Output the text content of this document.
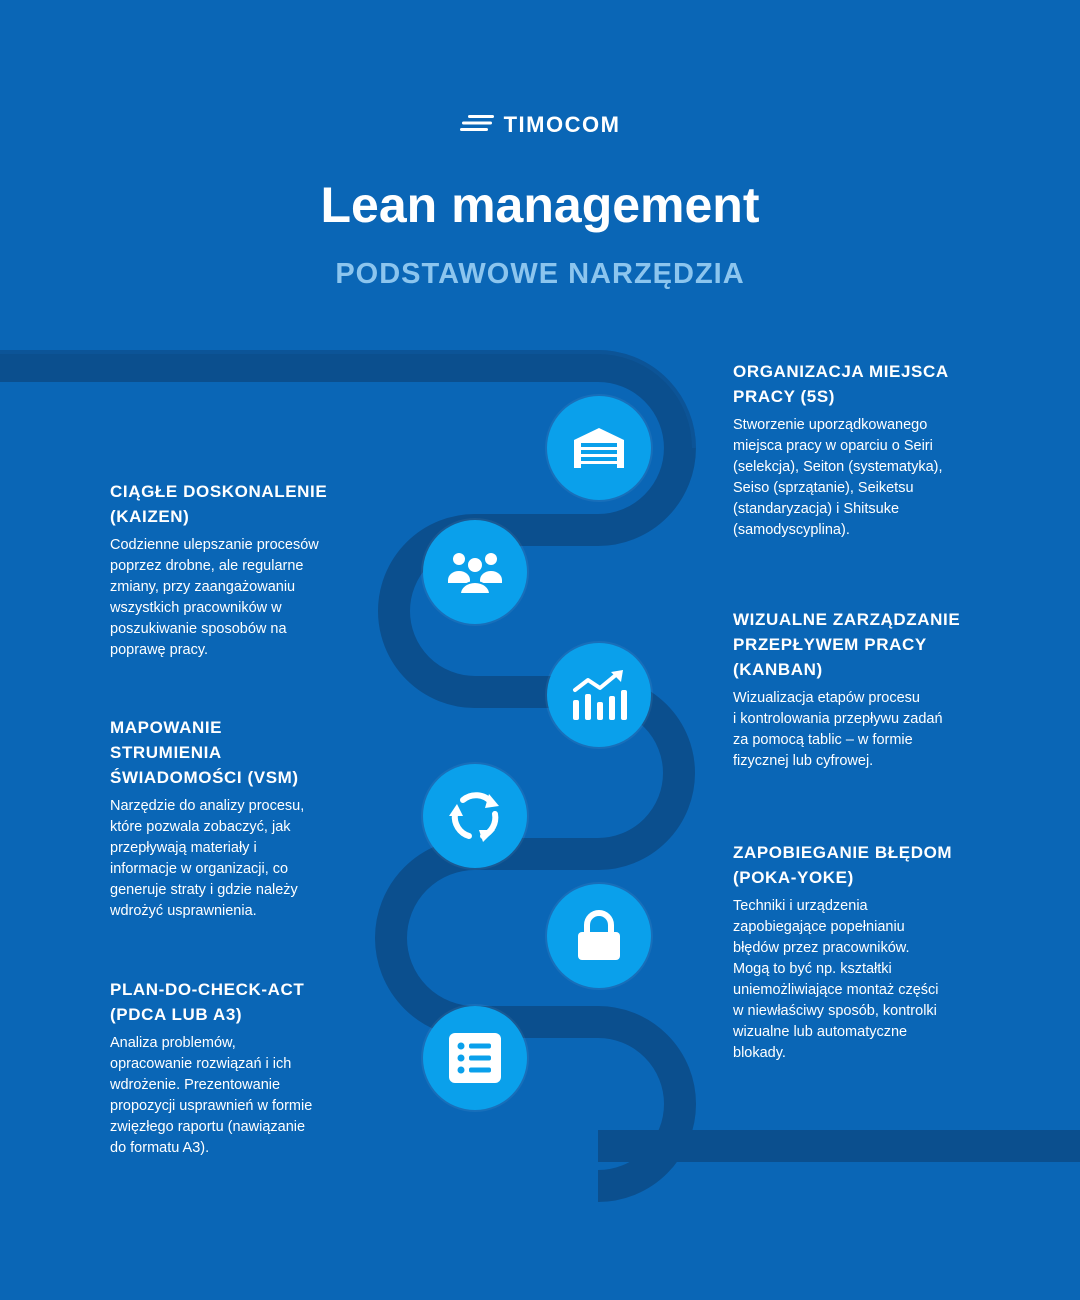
TIMOCOM
Lean management
PODSTAWOWE NARZĘDZIA

ORGANIZACJA MIEJSCA
PRACY (5S)

Stworzenie uporządkowanego
miejsca pracy w oparciu o Seiri
(selekcja), Seiton (systematyka),
Seiso (sprzątanie), Seiketsu
(standaryzacja) i Shitsuke
(samodyscyplina).

CIĄGŁE DOSKONALENIE
(KAIZEN)

Codzienne ulepszanie procesów
poprzez drobne, ale regularne
zmiany, przy zaangażowaniu
wszystkich pracowników w
poszukiwanie sposobów na
poprawę pracy.

WIZUALNE ZARZĄDZANIE
PRZEPŁYWEM PRACY
(KANBAN)

Wizualizacja etapów procesu
i kontrolowania przepływu zadań
za pomocą tablic – w formie
fizycznej lub cyfrowej.

MAPOWANIE
STRUMIENIA
ŚWIADOMOŚCI (VSM)

Narzędzie do analizy procesu,
które pozwala zobaczyć, jak
przepływają materiały i
informacje w organizacji, co
generuje straty i gdzie należy
wdrożyć usprawnienia.

ZAPOBIEGANIE BŁĘDOM
(POKA-YOKE)

Techniki i urządzenia
zapobiegające popełnianiu
błędów przez pracowników.
Mogą to być np. kształtki
uniemożliwiające montaż części
w niewłaściwy sposób, kontrolki
wizualne lub automatyczne
blokady.

PLAN-DO-CHECK-ACT
(PDCA LUB A3)

Analiza problemów,
opracowanie rozwiązań i ich
wdrożenie. Prezentowanie
propozycji usprawnień w formie
zwięzłego raportu (nawiązanie
do formatu A3).
